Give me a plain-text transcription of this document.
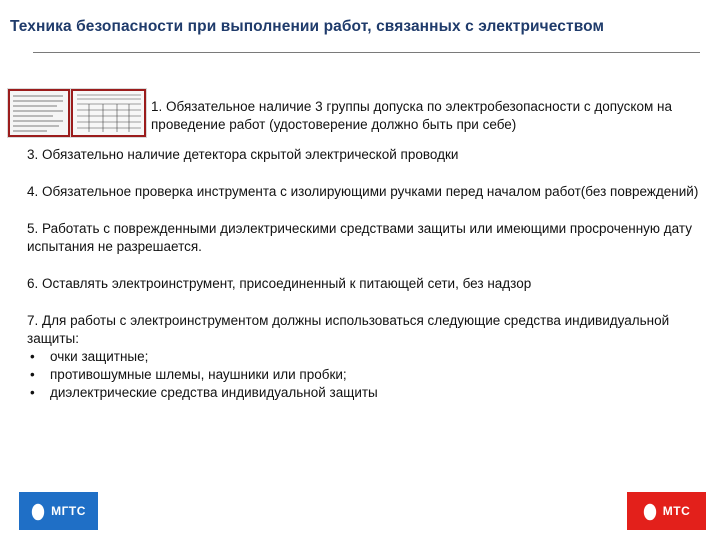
Техника безопасности при выполнении работ, связанных с электричеством
1. Обязательное наличие 3 группы допуска по электробезопасности с допуском на проведение работ (удостоверение должно быть при себе)
3. Обязательно наличие детектора скрытой электрической проводки
4. Обязательное проверка инструмента с изолирующими ручками перед началом работ(без повреждений)
5. Работать с поврежденными диэлектрическими средствами защиты или имеющими просроченную дату испытания не разрешается.
6. Оставлять электроинструмент, присоединенный к питающей сети, без надзор
7. Для работы с электроинструментом должны использоваться следующие средства индивидуальной защиты:
• очки защитные;
• противошумные шлемы, наушники или пробки;
• диэлектрические средства индивидуальной защиты
МГТС	МТС
